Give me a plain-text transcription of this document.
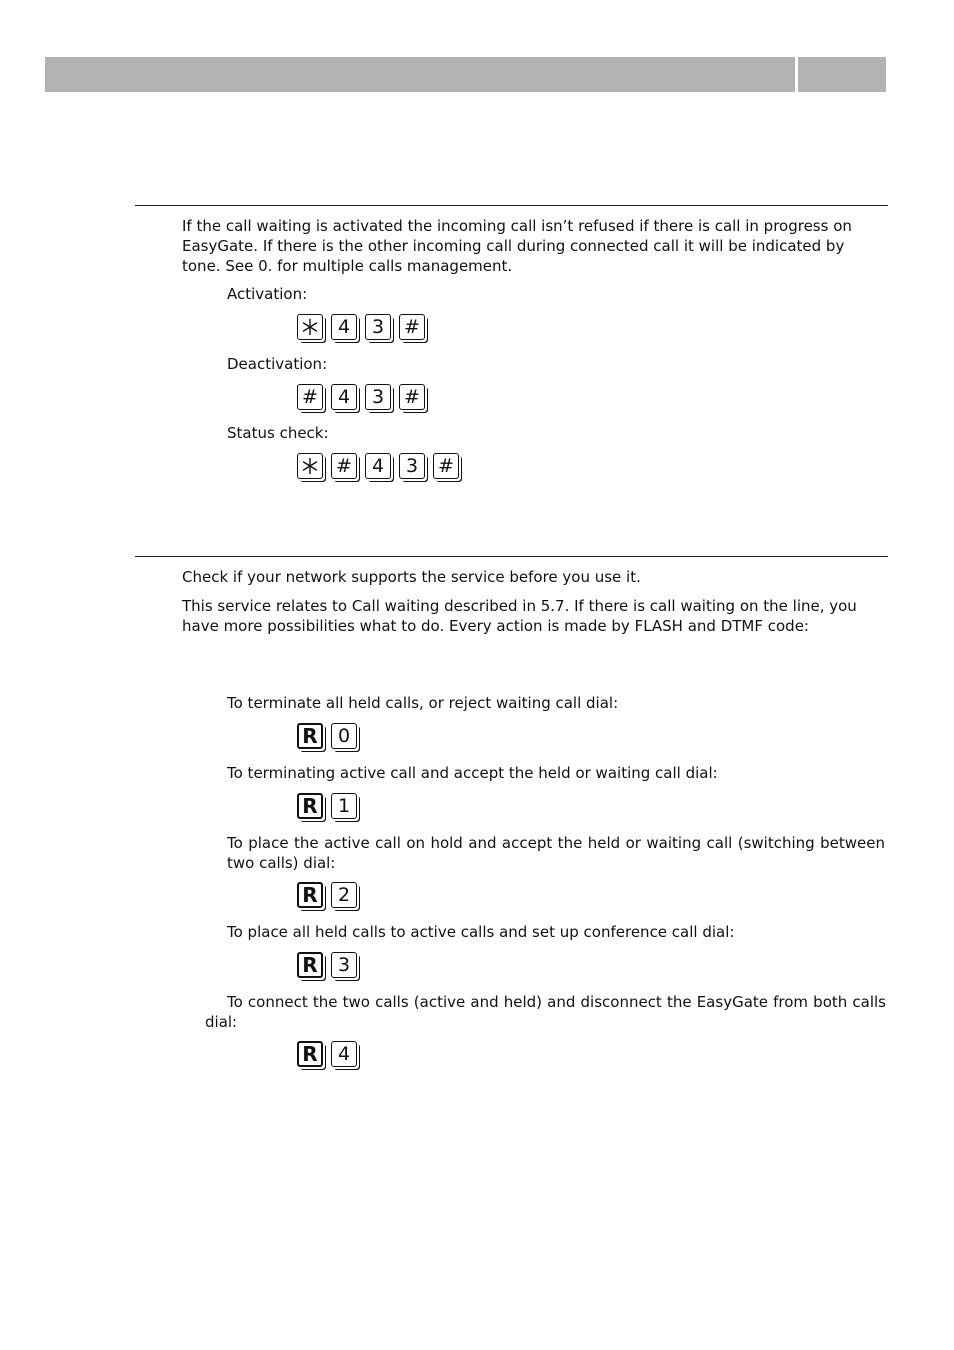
If the call waiting is activated the incoming call isn’t refused if there is call in progress on EasyGate. If there is the other incoming call during connected call it will be indicated by tone. See 0. for multiple calls management.

Activation:

4	3	#

Deactivation:

#	4	3	#

Status check:

#	4	3	#

Check if your network supports the service before you use it.

This service relates to Call waiting described in 5.7. If there is call waiting on the line, you have more possibilities what to do. Every action is made by FLASH and DTMF code:

To terminate all held calls, or reject waiting call dial:

R	0

To terminating active call and accept the held or waiting call dial:

R	1

To place the active call on hold and accept the held or waiting call (switching between two calls) dial:

R	2

To place all held calls to active calls and set up conference call dial:

R	3

To connect the two calls (active and held) and disconnect the EasyGate from both calls dial:

R	4
